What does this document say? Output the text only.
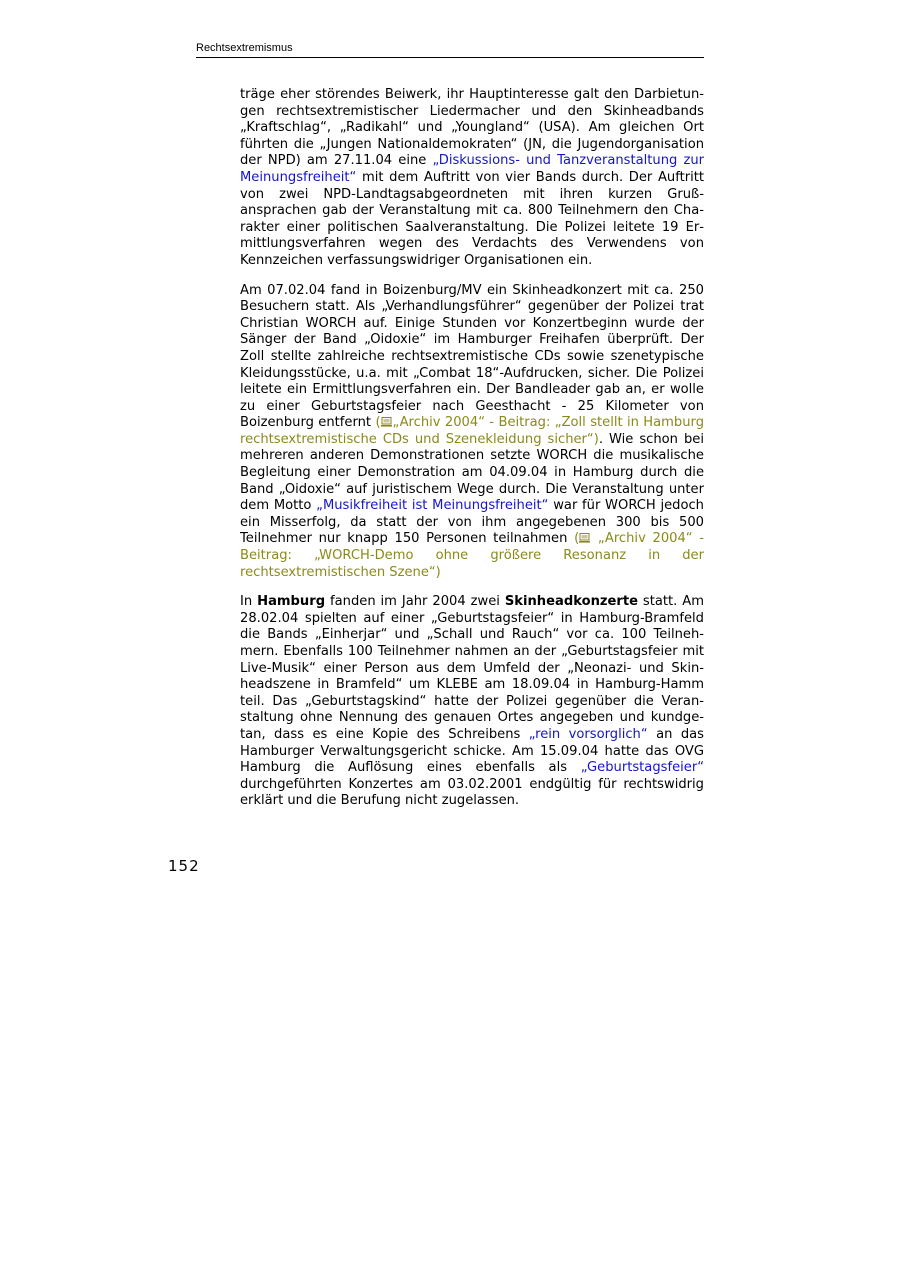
Rechtsextremismus

träge eher störendes Beiwerk, ihr Hauptinteresse galt den Darbietungen rechtsextremistischer Liedermacher und den Skinheadbands „Kraftschlag“, „Radikahl“ und „Youngland“ (USA). Am gleichen Ort führten die „Jungen Nationaldemokraten“ (JN, die Jugendorganisation der NPD) am 27.11.04 eine „Diskussions- und Tanzveranstaltung zur Meinungsfreiheit“ mit dem Auftritt von vier Bands durch. Der Auftritt von zwei NPD-Landtagsabgeordneten mit ihren kurzen Grußansprachen gab der Veranstaltung mit ca. 800 Teilnehmern den Charakter einer politischen Saalveranstaltung. Die Polizei leitete 19 Ermittlungsverfahren wegen des Verdachts des Verwendens von Kennzeichen verfassungswidriger Organisationen ein.

Am 07.02.04 fand in Boizenburg/MV ein Skinheadkonzert mit ca. 250 Besuchern statt. Als „Verhandlungsführer“ gegenüber der Polizei trat Christian WORCH auf. Einige Stunden vor Konzertbeginn wurde der Sänger der Band „Oidoxie“ im Hamburger Freihafen überprüft. Der Zoll stellte zahlreiche rechtsextremistische CDs sowie szenetypische Kleidungsstücke, u.a. mit „Combat 18“-Aufdrucken, sicher. Die Polizei leitete ein Ermittlungsverfahren ein. Der Bandleader gab an, er wolle zu einer Geburtstagsfeier nach Geesthacht - 25 Kilometer von Boizenburg entfernt ( „Archiv 2004“ - Beitrag: „Zoll stellt in Hamburg rechtsextremistische CDs und Szenekleidung sicher“). Wie schon bei mehreren anderen Demonstrationen setzte WORCH die musikalische Begleitung einer Demonstration am 04.09.04 in Hamburg durch die Band „Oidoxie“ auf juristischem Wege durch. Die Veranstaltung unter dem Motto „Musikfreiheit ist Meinungsfreiheit“ war für WORCH jedoch ein Misserfolg, da statt der von ihm angegebenen 300 bis 500 Teilnehmer nur knapp 150 Personen teilnahmen ( „Archiv 2004“ - Beitrag: „WORCH-Demo ohne größere Resonanz in der rechtsextremistischen Szene“)

In Hamburg fanden im Jahr 2004 zwei Skinheadkonzerte statt. Am 28.02.04 spielten auf einer „Geburtstagsfeier“ in Hamburg-Bramfeld die Bands „Einherjar“ und „Schall und Rauch“ vor ca. 100 Teilnehmern. Ebenfalls 100 Teilnehmer nahmen an der „Geburtstagsfeier mit Live-Musik“ einer Person aus dem Umfeld der „Neonazi- und Skinheadszene in Bramfeld“ um KLEBE am 18.09.04 in Hamburg-Hamm teil. Das „Geburtstagskind“ hatte der Polizei gegenüber die Veranstaltung ohne Nennung des genauen Ortes angegeben und kundgetan, dass es eine Kopie des Schreibens „rein vorsorglich“ an das Hamburger Verwaltungsgericht schicke. Am 15.09.04 hatte das OVG Hamburg die Auflösung eines ebenfalls als „Geburtstagsfeier“ durchgeführten Konzertes am 03.02.2001 endgültig für rechtswidrig erklärt und die Berufung nicht zugelassen.

152
